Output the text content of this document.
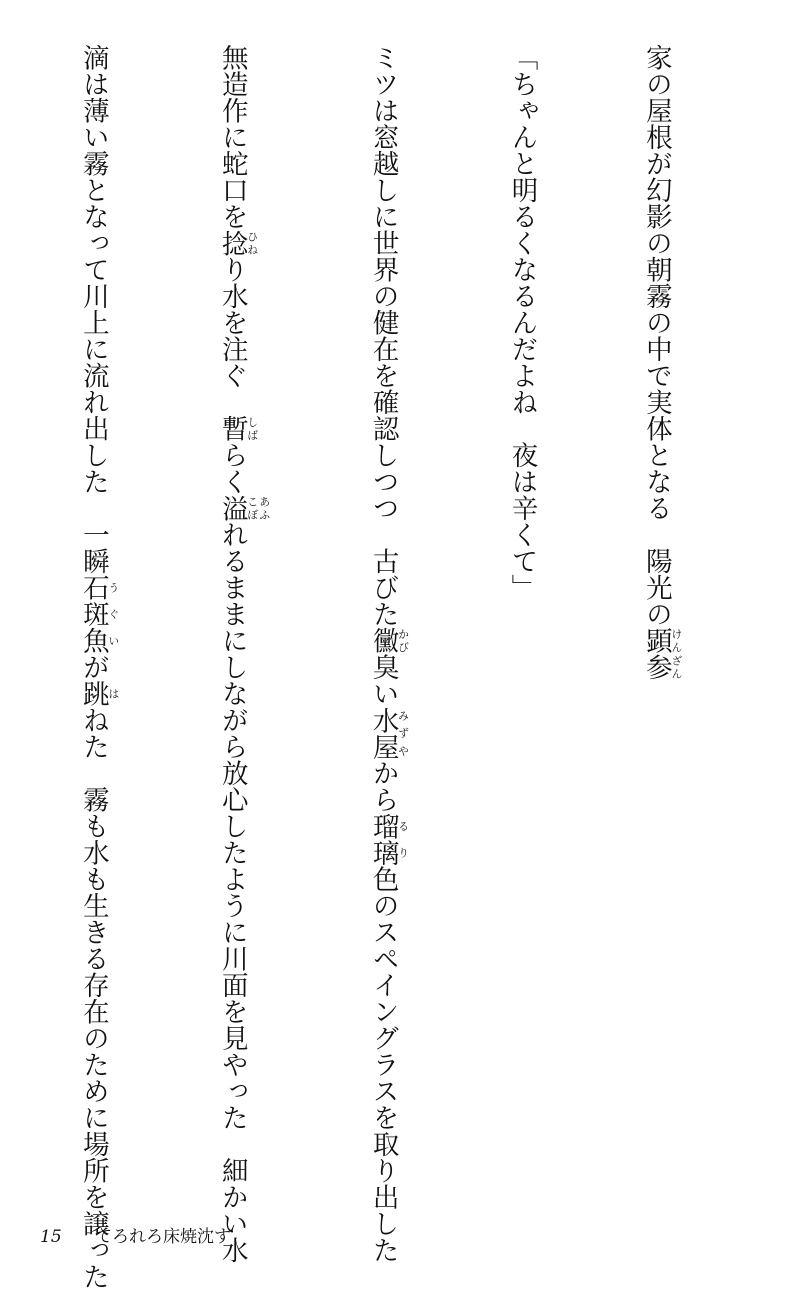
家の屋根が幻影の朝霧の中で実体となる　陽光の顕参けんざん

「ちゃんと明るくなるんだよね　夜は辛くて」

ミツは窓越しに世界の健在を確認しつつ　古びた黴かび臭い水屋みずやから瑠璃るり色のスペイングラスを取り出した

無造作に蛇口を捻ひねり水を注ぐ　暫しばらく溢こぼ あふれるままにしながら放心したように川面を見やった　細かい水

滴は薄い霧となって川上に流れ出した　一瞬石斑魚うぐいが跳はねた　霧も水も生きる存在のために場所を譲った

15 てろれろ床焼沈す
